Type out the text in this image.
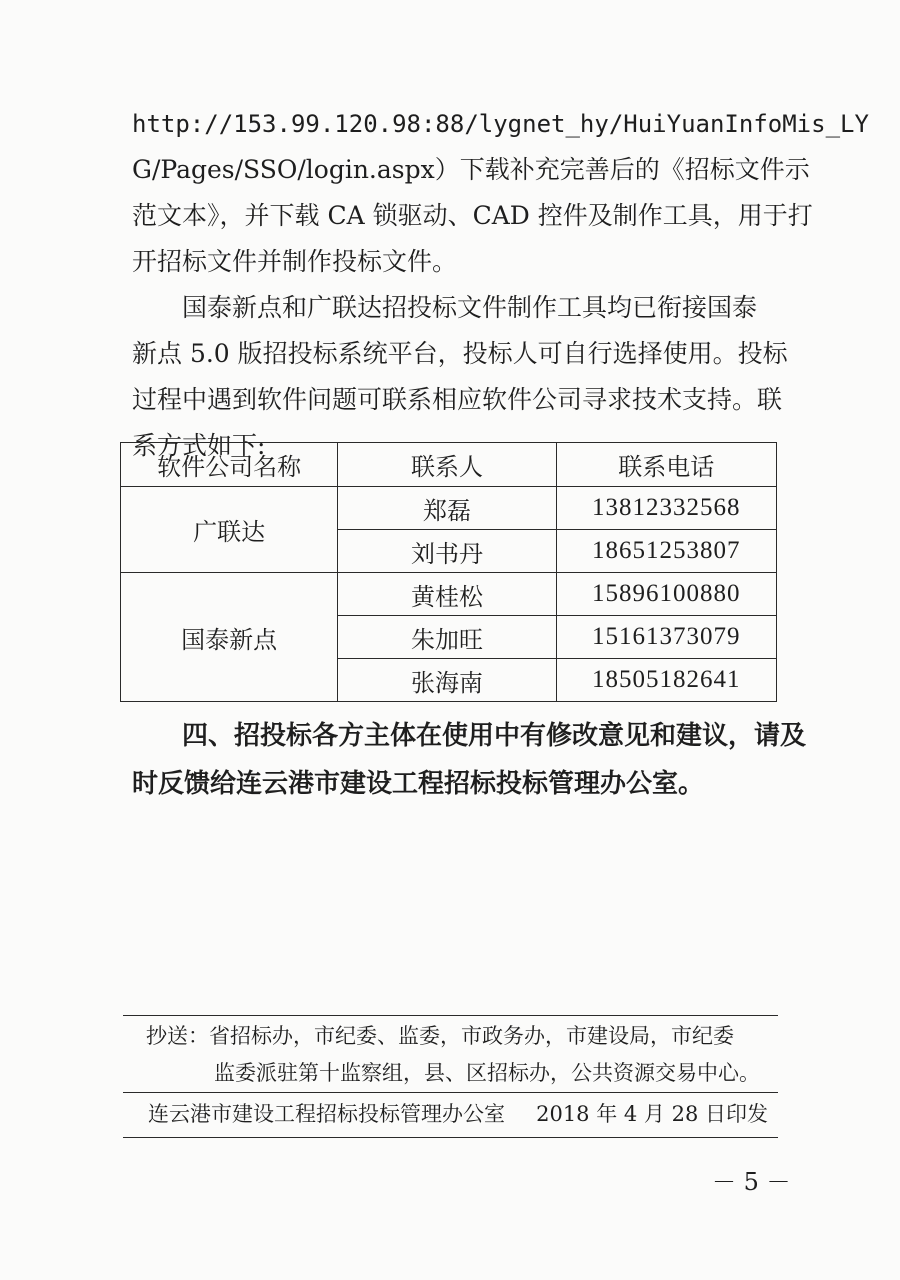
http://153.99.120.98:88/lygnet_hy/HuiYuanInfoMis_LY
G/Pages/SSO/login.aspx）下载补充完善后的《招标文件示
范文本》，并下载 CA 锁驱动、CAD 控件及制作工具，用于打
开招标文件并制作投标文件。
国泰新点和广联达招投标文件制作工具均已衔接国泰
新点 5.0 版招投标系统平台，投标人可自行选择使用。投标
过程中遇到软件问题可联系相应软件公司寻求技术支持。联
系方式如下:
软件公司名称	联系人	联系电话
广联达	郑磊	13812332568
	刘书丹	18651253807
国泰新点	黄桂松	15896100880
	朱加旺	15161373079
	张海南	18505182641
四、招投标各方主体在使用中有修改意见和建议，请及
时反馈给连云港市建设工程招标投标管理办公室。
抄送：省招标办，市纪委、监委，市政务办，市建设局，市纪委
监委派驻第十监察组，县、区招标办，公共资源交易中心。
连云港市建设工程招标投标管理办公室 2018 年 4 月 28 日印发
－ 5 －
